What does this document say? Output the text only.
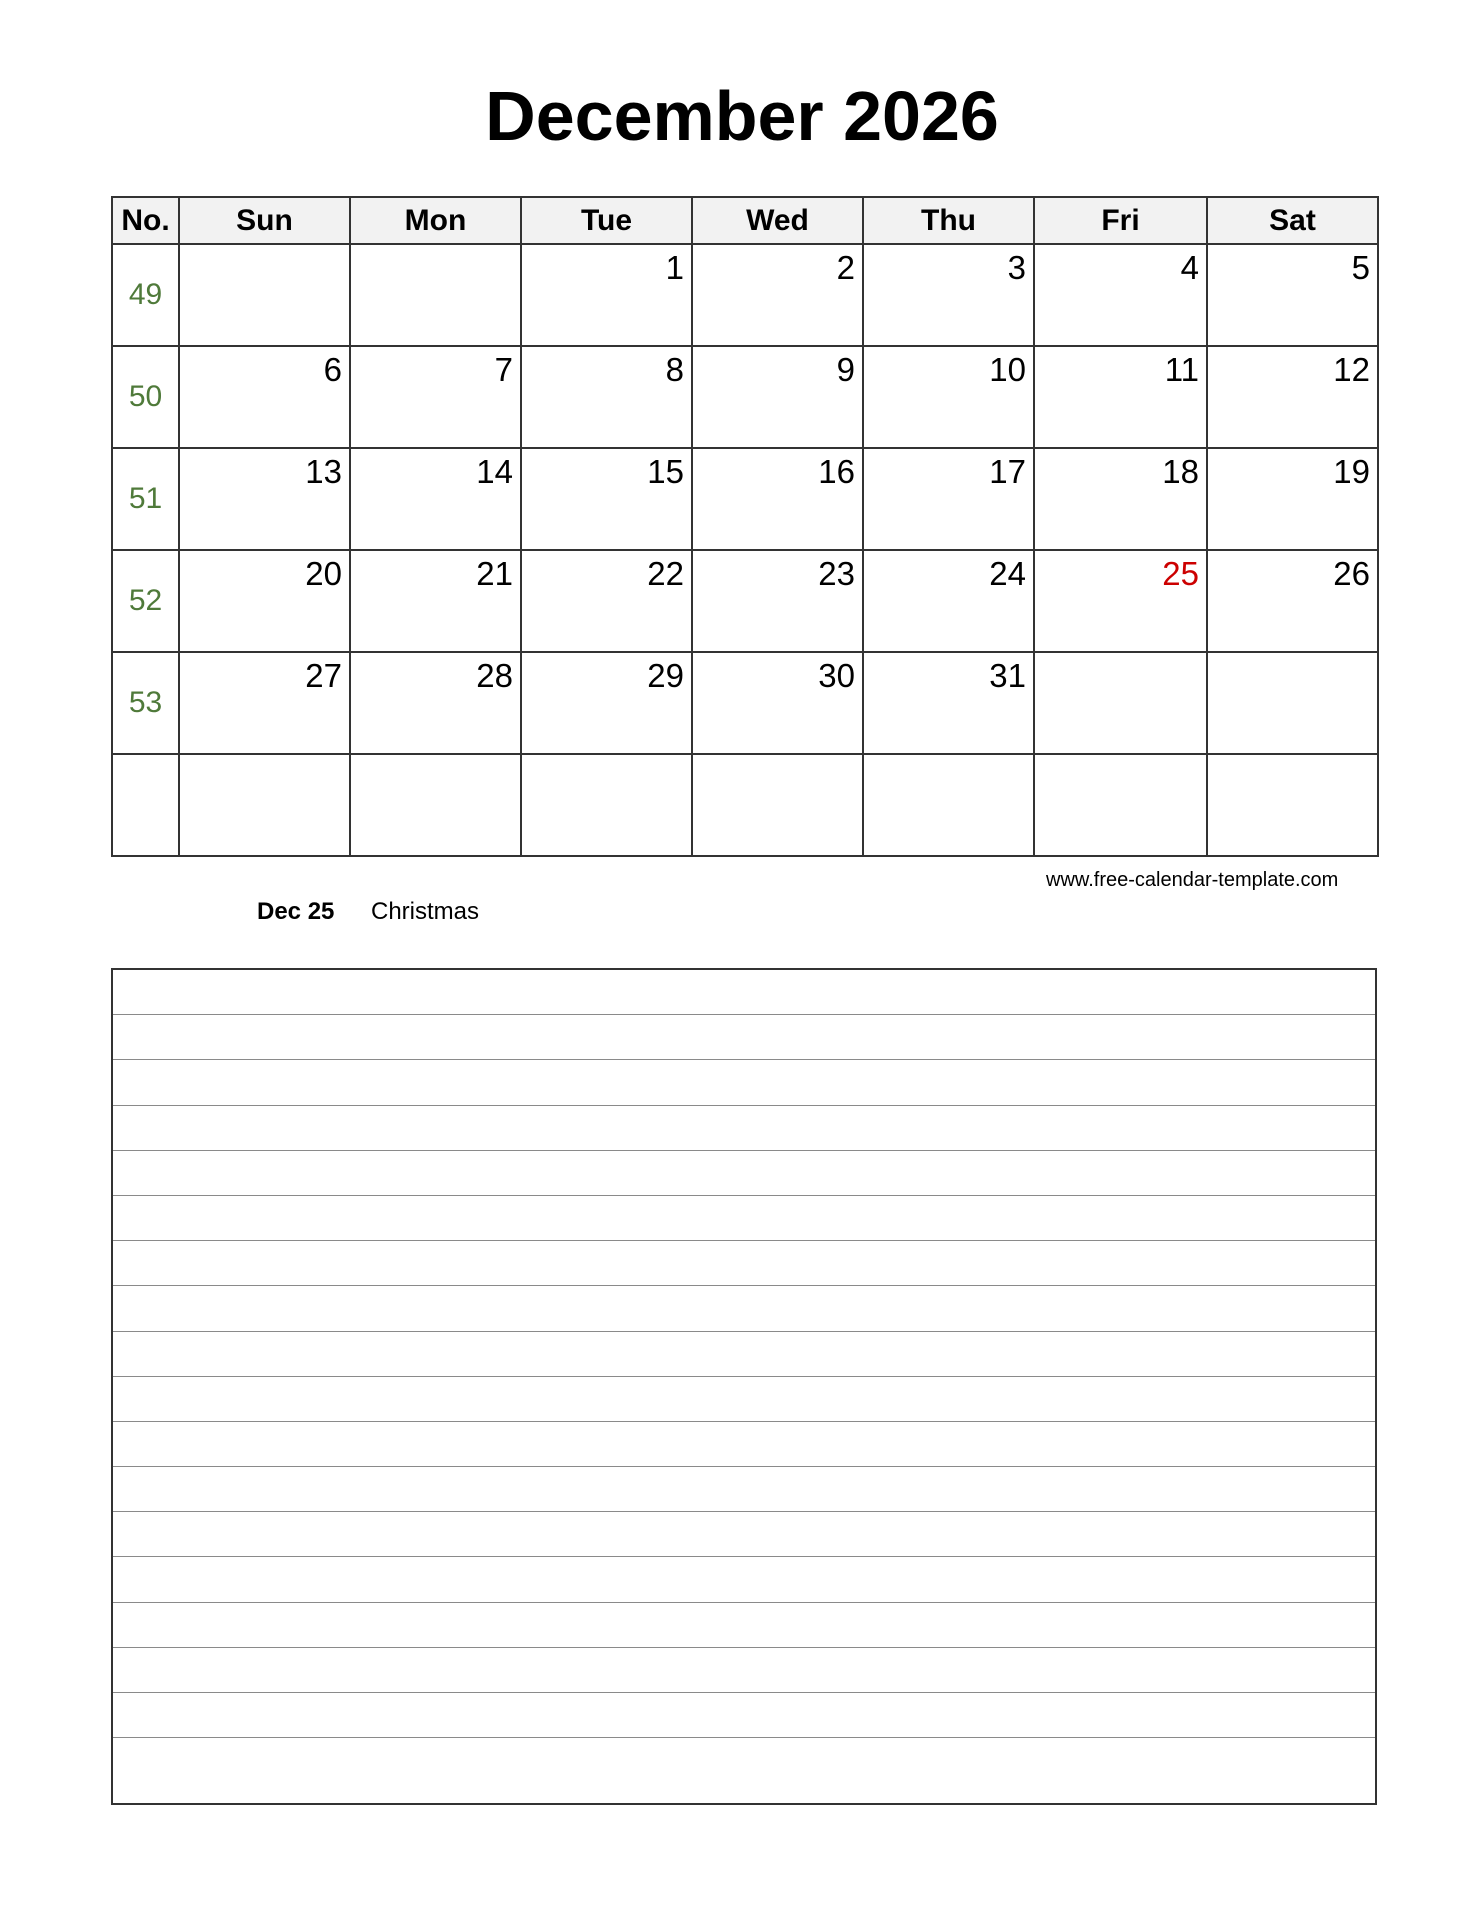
December 2026
No.	Sun	Mon	Tue	Wed	Thu	Fri	Sat
49			1	2	3	4	5

50	6	7	8	9	10	11	12

51	13	14	15	16	17	18	19

52	20	21	22	23	24	25	26

53	27	28	29	30	31		

www.free-calendar-template.com
Dec 25 Christmas
